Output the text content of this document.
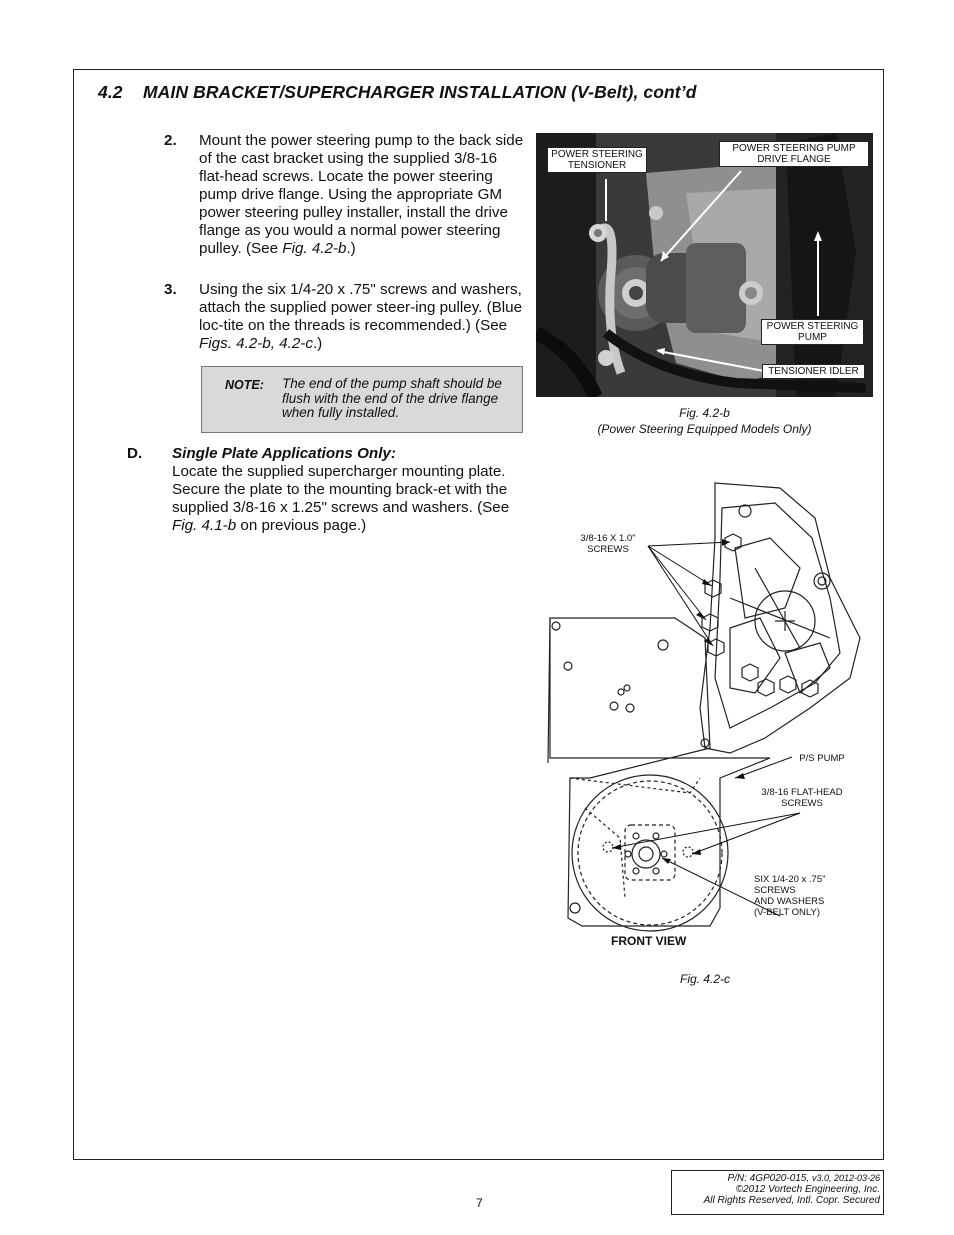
4.2 MAIN BRACKET/SUPERCHARGER INSTALLATION (V-Belt), cont’d
2. Mount the power steering pump to the back side of the cast bracket using the supplied 3/8-16 flat-head screws. Locate the power steering pump drive flange. Using the appropriate GM power steering pulley installer, install the drive flange as you would a normal power steering pulley. (See Fig. 4.2-b.)
3. Using the six 1/4-20 x .75" screws and washers, attach the supplied power steer-ing pulley. (Blue loc-tite on the threads is recommended.) (See Figs. 4.2-b, 4.2-c.)
NOTE: The end of the pump shaft should be flush with the end of the drive flange when fully installed.
D. Single Plate Applications Only:
Locate the supplied supercharger mounting plate. Secure the plate to the mounting brack-et with the supplied 3/8-16 x 1.25" screws and washers. (See Fig. 4.1-b on previous page.)
POWER STEERING TENSIONER
POWER STEERING PUMP DRIVE FLANGE
POWER STEERING PUMP
TENSIONER IDLER
Fig. 4.2-b
(Power Steering Equipped Models Only)
3/8-16 X 1.0" SCREWS
P/S PUMP
3/8-16 FLAT-HEAD SCREWS
SIX 1/4-20 x .75"
SCREWS
AND WASHERS
(V-BELT ONLY)
FRONT VIEW
Fig. 4.2-c
7
P/N: 4GP020-015, v3.0, 2012-03-26
©2012 Vortech Engineering, Inc.
All Rights Reserved, Intl. Copr. Secured
